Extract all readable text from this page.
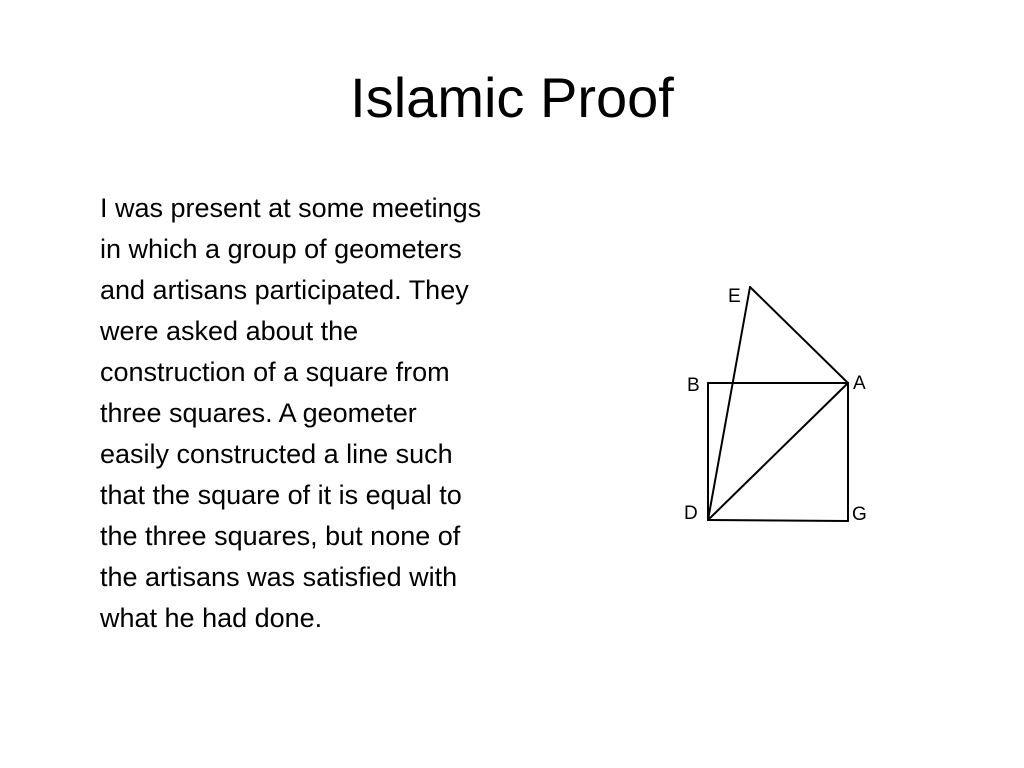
Islamic Proof
I was present at some meetings
in which a group of geometers
and artisans participated. They
were asked about the
construction of a square from
three squares. A geometer
easily constructed a line such
that the square of it is equal to
the three squares, but none of
the artisans was satisfied with
what he had done.
E
B	A
D	G
